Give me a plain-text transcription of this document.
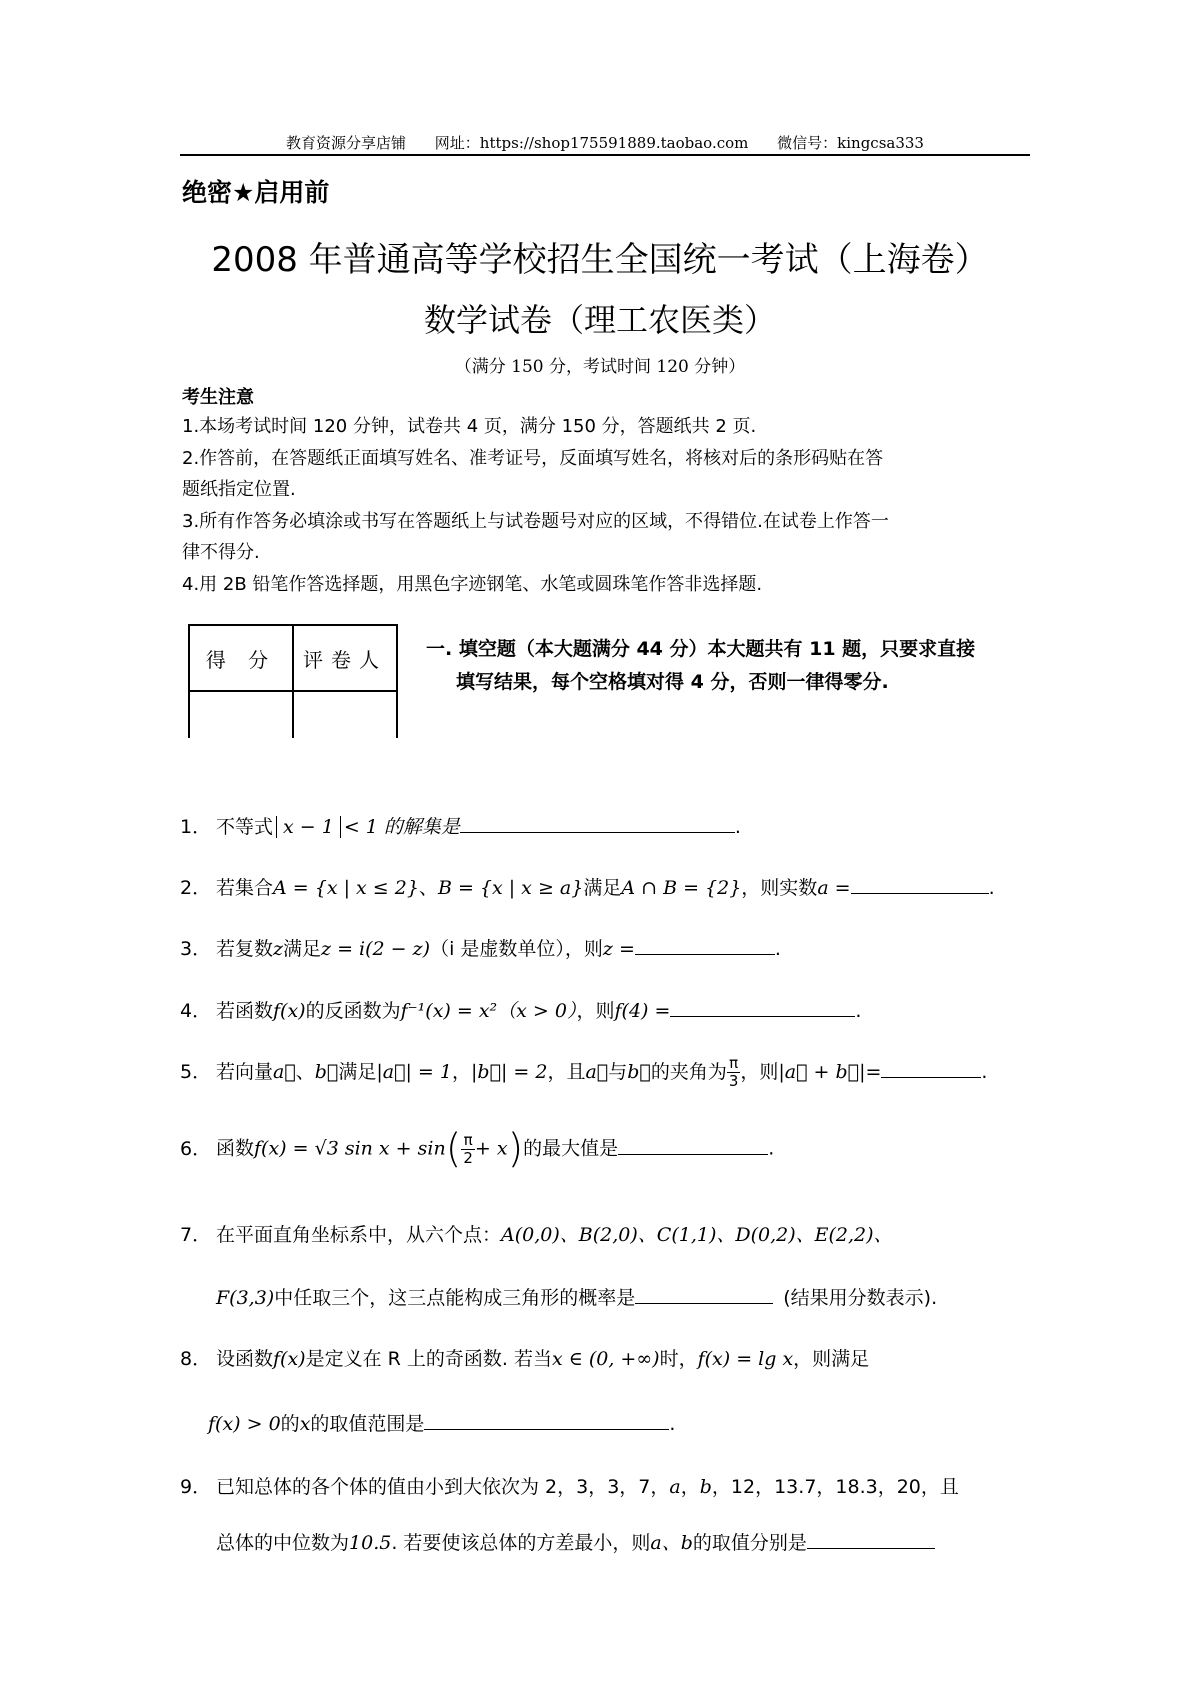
教育资源分享店铺 网址：https://shop175591889.taobao.com 微信号：kingcsa333
绝密★启用前
2008 年普通高等学校招生全国统一考试（上海卷）
数学试卷（理工农医类）
（满分 150 分，考试时间 120 分钟）
考生注意
1.本场考试时间 120 分钟，试卷共 4 页，满分 150 分，答题纸共 2 页.
2.作答前，在答题纸正面填写姓名、准考证号，反面填写姓名，将核对后的条形码贴在答
题纸指定位置.
3.所有作答务必填涂或书写在答题纸上与试卷题号对应的区域，不得错位.在试卷上作答一
律不得分.
4.用 2B 铅笔作答选择题，用黑色字迹钢笔、水笔或圆珠笔作答非选择题.
得 分	评卷人
	一. 填空题（本大题满分 44 分）本大题共有 11 题，只要求直接
填写结果，每个空格填对得 4 分，否则一律得零分.
1． 不等式 x − 1 < 1 的解集是	.
2． 若集合A = {x | x ≤ 2}、B = {x | x ≥ a}满足A ∩ B = {2}，则实数a =	.
3． 若复数z满足z = i(2 − z)（i 是虚数单位），则z =	.
4． 若函数f(x)的反函数为f⁻¹(x) = x²（x > 0），则f(4) =	.
5． 若向量a⃗、b⃗满足|a⃗| = 1，|b⃗| = 2，且a⃗与b⃗的夹角为 $\frac{\pi}{3}$ ，则|a⃗ + b⃗|=	.
6． 函数f(x) = √3 $\sin x + \sin( \frac{\pi}{2} + x)$的最大值是	.
7． 在平面直角坐标系中，从六个点：A(0,0)、B(2,0)、C(1,1)、D(0,2)、E(2,2)、
F(3,3)中任取三个，这三点能构成三角形的概率是	(结果用分数表示).
8． 设函数f(x)是定义在 R 上的奇函数. 若当x ∈ (0, +∞)时，f(x) = lg x，则满足
f(x) > 0的x的取值范围是	.
9． 已知总体的各个体的值由小到大依次为 2，3，3，7，a，b，12，13.7，18.3，20，且
总体的中位数为10.5. 若要使该总体的方差最小，则a、b的取值分别是
